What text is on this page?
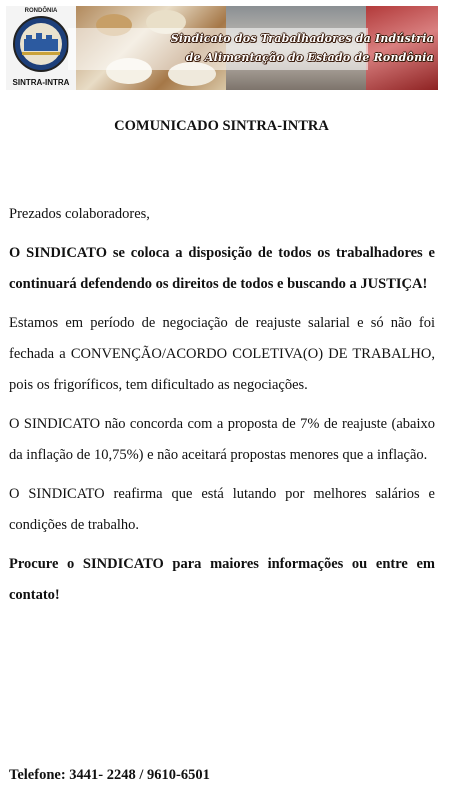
RONDÔNIA
SINTRA-INTRA
Sindicato dos Trabalhadores da Indústria
de Alimentação do Estado de Rondônia
COMUNICADO SINTRA-INTRA

Prezados colaboradores,

O SINDICATO se coloca a disposição de todos os trabalhadores e continuará defendendo os direitos de todos e buscando a JUSTIÇA!

Estamos em período de negociação de reajuste salarial e só não foi fechada a CONVENÇÃO/ACORDO COLETIVA(O) DE TRABALHO, pois os frigoríficos, tem dificultado as negociações.

O SINDICATO não concorda com a proposta de 7% de reajuste (abaixo da inflação de 10,75%) e não aceitará propostas menores que a inflação.

O SINDICATO reafirma que está lutando por melhores salários e condições de trabalho.

Procure o SINDICATO para maiores informações ou entre em contato!

Telefone: 3441- 2248 / 9610-6501
